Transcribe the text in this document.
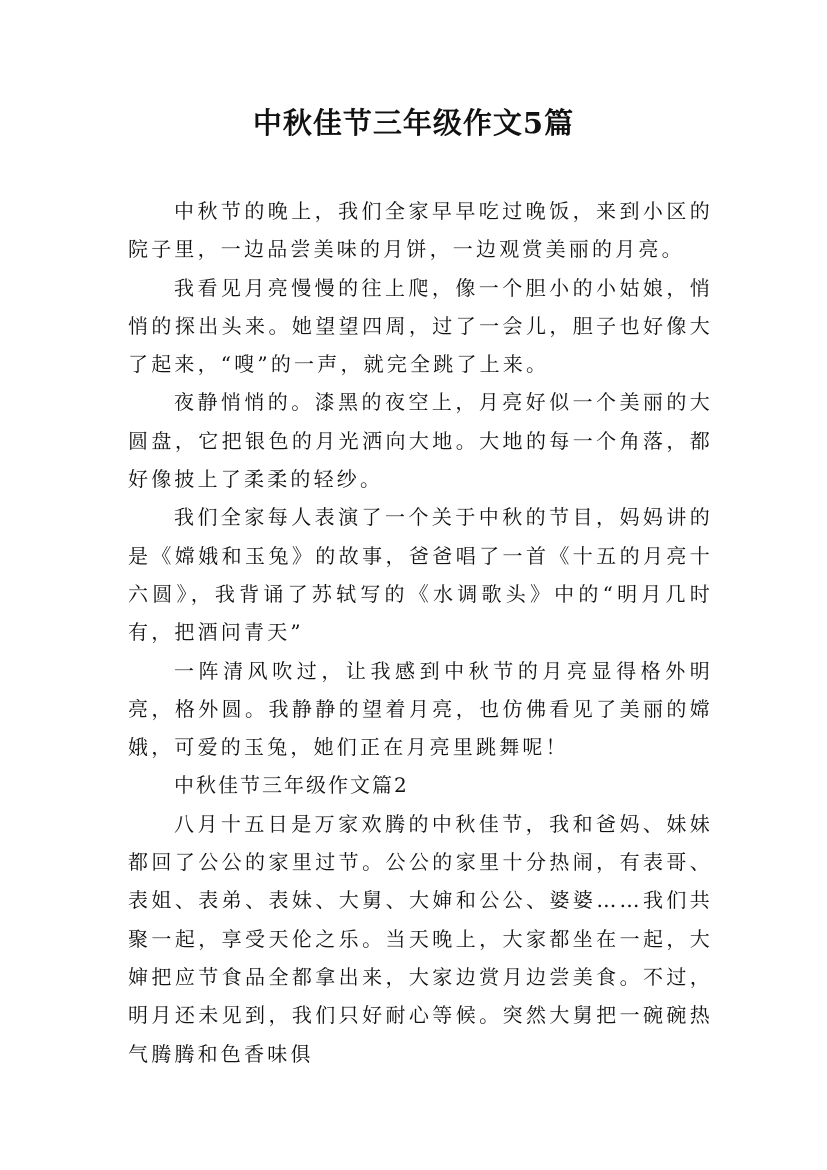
中秋佳节三年级作文5篇

中秋节的晚上，我们全家早早吃过晚饭，来到小区的院子里，一边品尝美味的月饼，一边观赏美丽的月亮。

我看见月亮慢慢的往上爬，像一个胆小的小姑娘，悄悄的探出头来。她望望四周，过了一会儿，胆子也好像大了起来，“嗖”的一声，就完全跳了上来。

夜静悄悄的。漆黑的夜空上，月亮好似一个美丽的大圆盘，它把银色的月光洒向大地。大地的每一个角落，都好像披上了柔柔的轻纱。

我们全家每人表演了一个关于中秋的节目，妈妈讲的是《嫦娥和玉兔》的故事，爸爸唱了一首《十五的月亮十六圆》，我背诵了苏轼写的《水调歌头》中的“明月几时有，把酒问青天”

一阵清风吹过，让我感到中秋节的月亮显得格外明亮，格外圆。我静静的望着月亮，也仿佛看见了美丽的嫦娥，可爱的玉兔，她们正在月亮里跳舞呢！

中秋佳节三年级作文篇2

八月十五日是万家欢腾的中秋佳节，我和爸妈、妹妹都回了公公的家里过节。公公的家里十分热闹，有表哥、表姐、表弟、表妹、大舅、大婶和公公、婆婆……我们共聚一起，享受天伦之乐。当天晚上，大家都坐在一起，大婶把应节食品全都拿出来，大家边赏月边尝美食。不过，明月还未见到，我们只好耐心等候。突然大舅把一碗碗热气腾腾和色香味俱
